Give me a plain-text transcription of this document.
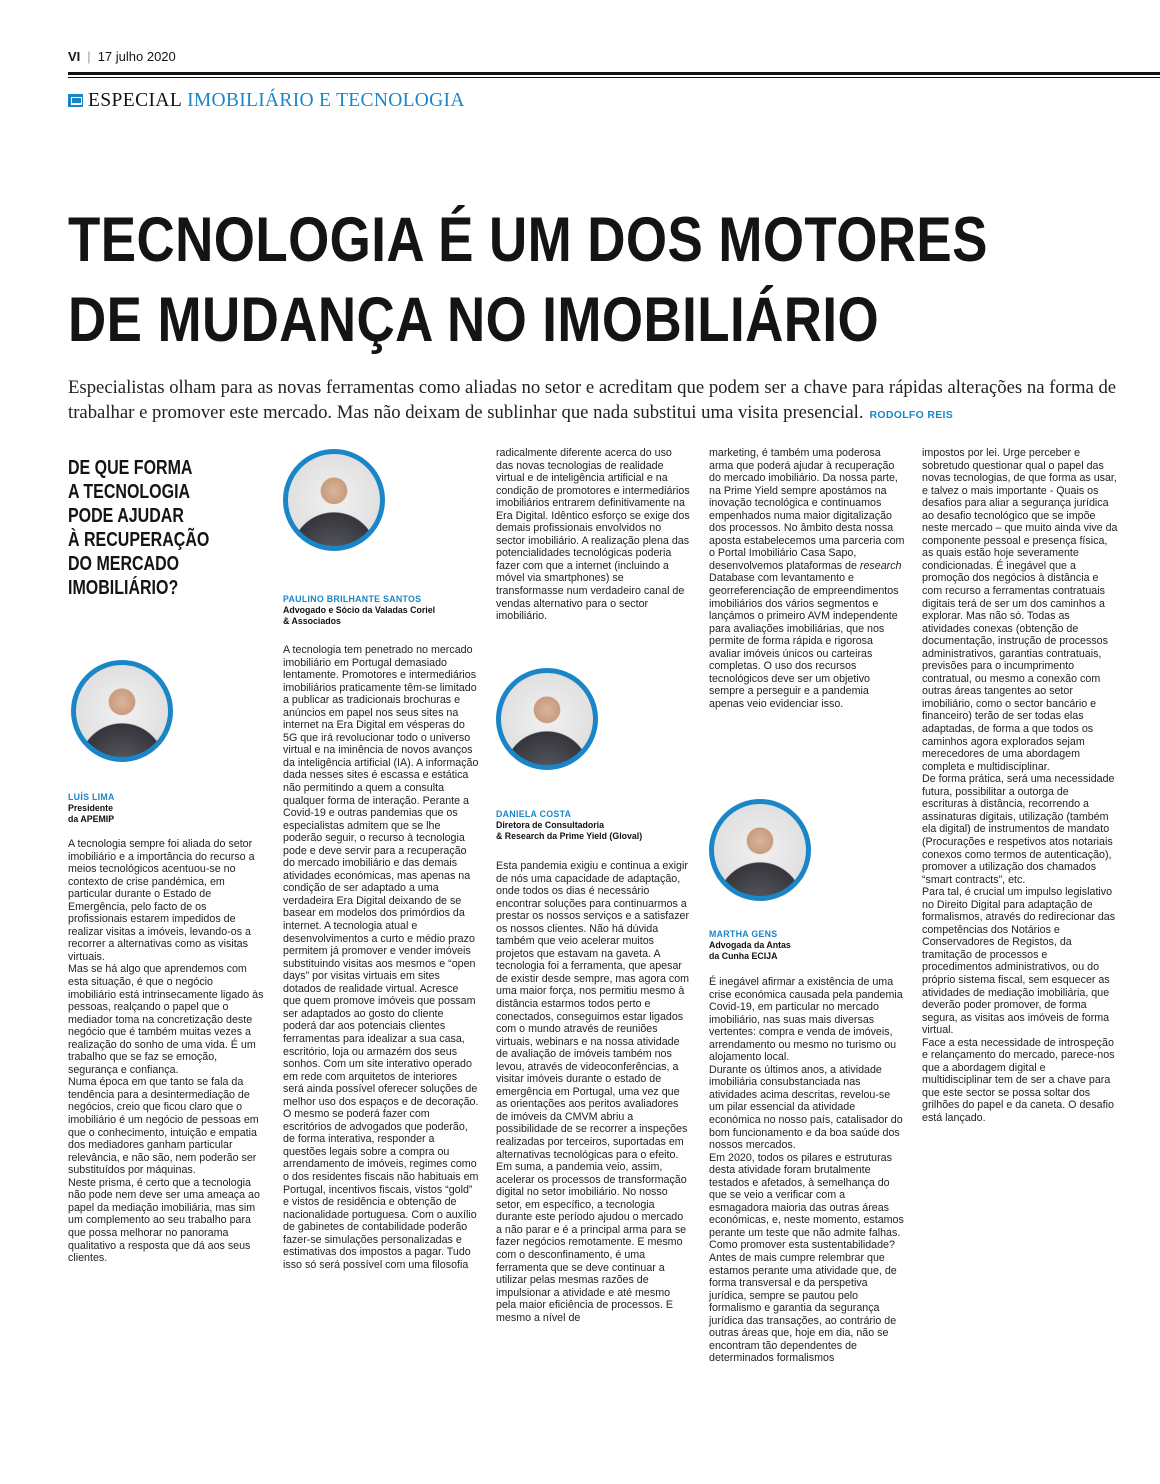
VI | 17 julho 2020
ESPECIAL IMOBILIÁRIO E TECNOLOGIA
TECNOLOGIA É UM DOS MOTORES
DE MUDANÇA NO IMOBILIÁRIO

Especialistas olham para as novas ferramentas como aliadas no setor e acreditam que podem ser a chave para rápidas alterações na forma de trabalhar e promover este mercado. Mas não deixam de sublinhar que nada substitui uma visita presencial. RODOLFO REIS

DE QUE FORMA
A TECNOLOGIA
PODE AJUDAR
À RECUPERAÇÃO
DO MERCADO
IMOBILIÁRIO?
LUÍS LIMA
Presidente
da APEMIP

A tecnologia sempre foi aliada do setor imobiliário e a importância do recurso a meios tecnológicos acentuou-se no contexto de crise pandémica, em particular durante o Estado de Emergência, pelo facto de os profissionais estarem impedidos de realizar visitas a imóveis, levando-os a recorrer a alternativas como as visitas virtuais.
Mas se há algo que aprendemos com esta situação, é que o negócio imobiliário está intrinsecamente ligado às pessoas, realçando o papel que o mediador toma na concretização deste negócio que é também muitas vezes a realização do sonho de uma vida. É um trabalho que se faz se emoção, segurança e confiança.
Numa época em que tanto se fala da tendência para a desintermediação de negócios, creio que ficou claro que o imobiliário é um negócio de pessoas em que o conhecimento, intuição e empatia dos mediadores ganham particular relevância, e não são, nem poderão ser substituídos por máquinas.
Neste prisma, é certo que a tecnologia não pode nem deve ser uma ameaça ao papel da mediação imobiliária, mas sim um complemento ao seu trabalho para que possa melhorar no panorama qualitativo a resposta que dá aos seus clientes.

PAULINO BRILHANTE SANTOS
Advogado e Sócio da Valadas Coriel
& Associados

A tecnologia tem penetrado no mercado imobiliário em Portugal demasiado lentamente. Promotores e intermediários imobiliários praticamente têm-se limitado a publicar as tradicionais brochuras e anúncios em papel nos seus sites na internet na Era Digital em vésperas do 5G que irá revolucionar todo o universo virtual e na iminência de novos avanços da inteligência artificial (IA). A informação dada nesses sites é escassa e estática não permitindo a quem a consulta qualquer forma de interação. Perante a Covid-19 e outras pandemias que os especialistas admitem que se lhe poderão seguir, o recurso à tecnologia pode e deve servir para a recuperação do mercado imobiliário e das demais atividades económicas, mas apenas na condição de ser adaptado a uma verdadeira Era Digital deixando de se basear em modelos dos primórdios da internet. A tecnologia atual e desenvolvimentos a curto e médio prazo permitem já promover e vender imóveis substituindo visitas aos mesmos e “open days” por visitas virtuais em sites dotados de realidade virtual. Acresce que quem promove imóveis que possam ser adaptados ao gosto do cliente poderá dar aos potenciais clientes ferramentas para idealizar a sua casa, escritório, loja ou armazém dos seus sonhos. Com um site interativo operado em rede com arquitetos de interiores será ainda possível oferecer soluções de melhor uso dos espaços e de decoração. O mesmo se poderá fazer com escritórios de advogados que poderão, de forma interativa, responder a questões legais sobre a compra ou arrendamento de imóveis, regimes como o dos residentes fiscais não habituais em Portugal, incentivos fiscais, vistos “gold” e vistos de residência e obtenção de nacionalidade portuguesa. Com o auxílio de gabinetes de contabilidade poderão fazer-se simulações personalizadas e estimativas dos impostos a pagar. Tudo isso só será possível com uma filosofia

radicalmente diferente acerca do uso das novas tecnologias de realidade virtual e de inteligência artificial e na condição de promotores e intermediários imobiliários entrarem definitivamente na Era Digital. Idêntico esforço se exige dos demais profissionais envolvidos no sector imobiliário. A realização plena das potencialidades tecnológicas poderia fazer com que a internet (incluindo a móvel via smartphones) se transformasse num verdadeiro canal de vendas alternativo para o sector imobiliário.

DANIELA COSTA
Diretora de Consultadoria
& Research da Prime Yield (Gloval)

Esta pandemia exigiu e continua a exigir de nós uma capacidade de adaptação, onde todos os dias é necessário encontrar soluções para continuarmos a prestar os nossos serviços e a satisfazer os nossos clientes. Não há dúvida também que veio acelerar muitos projetos que estavam na gaveta. A tecnologia foi a ferramenta, que apesar de existir desde sempre, mas agora com uma maior força, nos permitiu mesmo à distância estarmos todos perto e conectados, conseguimos estar ligados com o mundo através de reuniões virtuais, webinars e na nossa atividade de avaliação de imóveis também nos levou, através de videoconferências, a visitar imóveis durante o estado de emergência em Portugal, uma vez que as orientações aos peritos avaliadores de imóveis da CMVM abriu a possibilidade de se recorrer a inspeções realizadas por terceiros, suportadas em alternativas tecnológicas para o efeito.
Em suma, a pandemia veio, assim, acelerar os processos de transformação digital no setor imobiliário. No nosso setor, em específico, a tecnologia durante este período ajudou o mercado a não parar e é a principal arma para se fazer negócios remotamente. E mesmo com o desconfinamento, é uma ferramenta que se deve continuar a utilizar pelas mesmas razões de impulsionar a atividade e até mesmo pela maior eficiência de processos. E mesmo a nível de

marketing, é também uma poderosa arma que poderá ajudar à recuperação do mercado imobiliário. Da nossa parte, na Prime Yield sempre apostámos na inovação tecnológica e continuamos empenhados numa maior digitalização dos processos. No âmbito desta nossa aposta estabelecemos uma parceria com o Portal Imobiliário Casa Sapo, desenvolvemos plataformas de research Database com levantamento e georreferenciação de empreendimentos imobiliários dos vários segmentos e lançámos o primeiro AVM independente para avaliações imobiliárias, que nos permite de forma rápida e rigorosa avaliar imóveis únicos ou carteiras completas. O uso dos recursos tecnológicos deve ser um objetivo sempre a perseguir e a pandemia apenas veio evidenciar isso.

MARTHA GENS
Advogada da Antas
da Cunha ECIJA

É inegável afirmar a existência de uma crise económica causada pela pandemia Covid-19, em particular no mercado imobiliário, nas suas mais diversas vertentes: compra e venda de imóveis, arrendamento ou mesmo no turismo ou alojamento local.
Durante os últimos anos, a atividade imobiliária consubstanciada nas atividades acima descritas, revelou-se um pilar essencial da atividade económica no nosso país, catalisador do bom funcionamento e da boa saúde dos nossos mercados.
Em 2020, todos os pilares e estruturas desta atividade foram brutalmente testados e afetados, à semelhança do que se veio a verificar com a esmagadora maioria das outras áreas económicas, e, neste momento, estamos perante um teste que não admite falhas. Como promover esta sustentabilidade?
Antes de mais cumpre relembrar que estamos perante uma atividade que, de forma transversal e da perspetiva jurídica, sempre se pautou pelo formalismo e garantia da segurança jurídica das transações, ao contrário de outras áreas que, hoje em dia, não se encontram tão dependentes de determinados formalismos

impostos por lei. Urge perceber e sobretudo questionar qual o papel das novas tecnologias, de que forma as usar, e talvez o mais importante - Quais os desafios para aliar a segurança jurídica ao desafio tecnológico que se impõe neste mercado – que muito ainda vive da componente pessoal e presença física, as quais estão hoje severamente condicionadas. É inegável que a promoção dos negócios à distância e com recurso a ferramentas contratuais digitais terá de ser um dos caminhos a explorar. Mas não só. Todas as atividades conexas (obtenção de documentação, instrução de processos administrativos, garantias contratuais, previsões para o incumprimento contratual, ou mesmo a conexão com outras áreas tangentes ao setor imobiliário, como o sector bancário e financeiro) terão de ser todas elas adaptadas, de forma a que todos os caminhos agora explorados sejam merecedores de uma abordagem completa e multidisciplinar.
De forma prática, será uma necessidade futura, possibilitar a outorga de escrituras à distância, recorrendo a assinaturas digitais, utilização (também ela digital) de instrumentos de mandato (Procurações e respetivos atos notariais conexos como termos de autenticação), promover a utilização dos chamados “smart contracts”, etc.
Para tal, é crucial um impulso legislativo no Direito Digital para adaptação de formalismos, através do redirecionar das competências dos Notários e Conservadores de Registos, da tramitação de processos e procedimentos administrativos, ou do próprio sistema fiscal, sem esquecer as atividades de mediação imobiliária, que deverão poder promover, de forma segura, as visitas aos imóveis de forma virtual.
Face a esta necessidade de introspeção e relançamento do mercado, parece-nos que a abordagem digital e multidisciplinar tem de ser a chave para que este sector se possa soltar dos grilhões do papel e da caneta. O desafio está lançado.
